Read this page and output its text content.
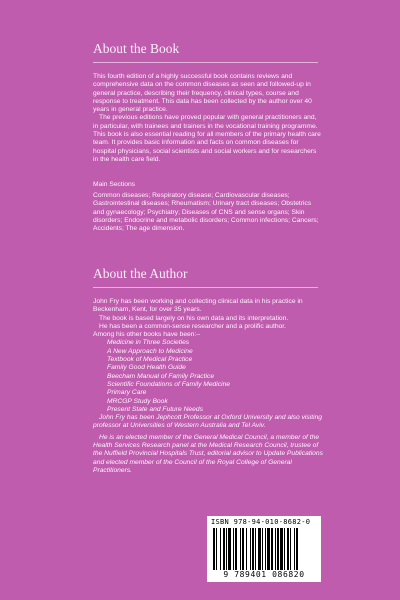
About the Book

This fourth edition of a highly successful book contains reviews and comprehensive data on the common diseases as seen and followed-up in general practice, describing their frequency, clinical types, course and response to treatment. This data has been collected by the author over 40 years in general practice.

The previous editions have proved popular with general practitioners and, in particular, with trainees and trainers in the vocational training programme. This book is also essential reading for all members of the primary health care team. It provides basic information and facts on common diseases for hospital physicians, social scientists and social workers and for researchers in the health care field.

Main Sections
Common diseases; Respiratory disease; Cardiovascular diseases; Gastrointestinal diseases; Rheumatism; Urinary tract diseases; Obstetrics and gynaecology; Psychiatry; Diseases of CNS and sense organs; Skin disorders; Endocrine and metabolic disorders; Common infections; Cancers; Accidents; The age dimension.
About the Author

John Fry has been working and collecting clinical data in his practice in Beckenham, Kent, for over 35 years.

The book is based largely on his own data and its interpretation.

He has been a common-sense researcher and a prolific author.

Among his other books have been:–

Medicine in Three Societies
A New Approach to Medicine
Textbook of Medical Practice
Family Good Health Guide
Beecham Manual of Family Practice
Scientific Foundations of Family Medicine
Primary Care
MRCGP Study Book
Present State and Future Needs

John Fry has been Jephcott Professor at Oxford University and also visiting professor at Universities of Western Australia and Tel Aviv.

He is an elected member of the General Medical Council, a member of the Health Services Research panel at the Medical Research Council, trustee of the Nuffield Provincial Hospitals Trust, editorial advisor to Update Publications and elected member of the Council of the Royal College of General Practitioners.

ISBN 978-94-010-8682-0
9 789401 086820
